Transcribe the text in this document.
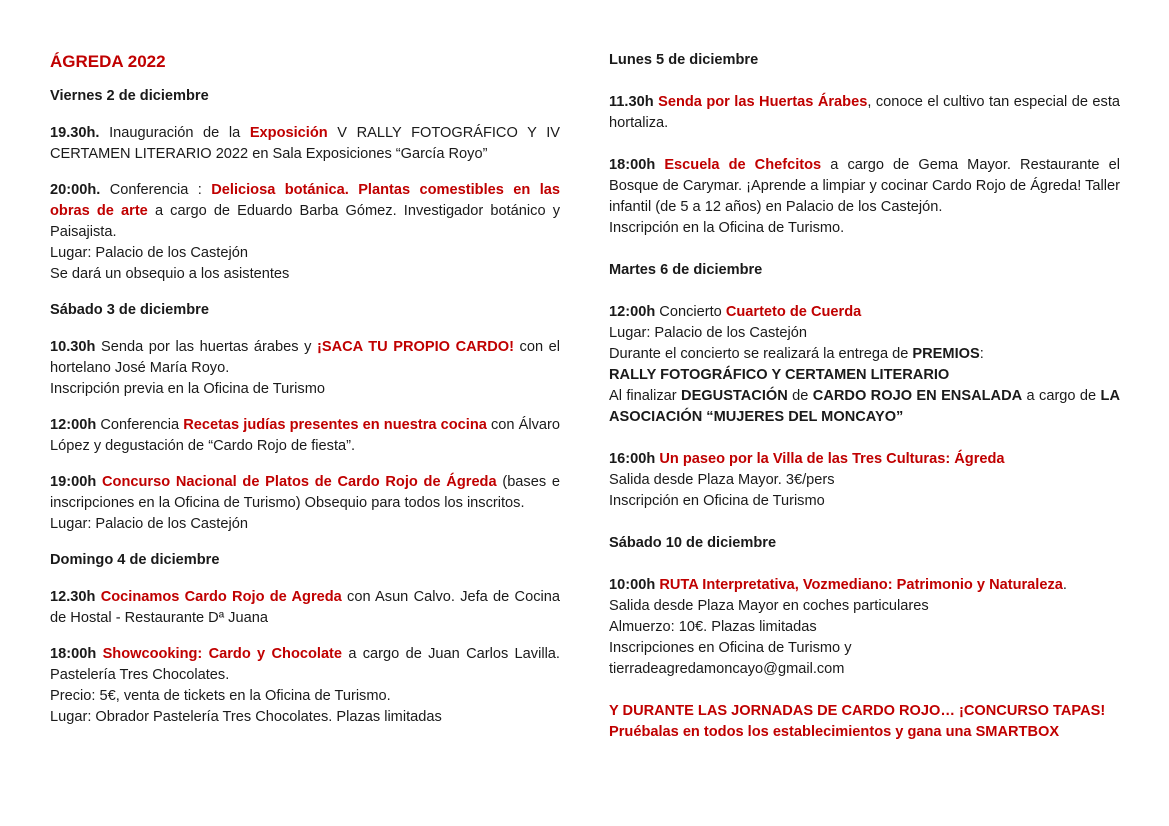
ÁGREDA 2022
Viernes 2 de diciembre

19.30h. Inauguración de la Exposición V RALLY FOTOGRÁFICO Y IV CERTAMEN LITERARIO 2022 en Sala Exposiciones “García Royo”

20:00h. Conferencia : Deliciosa botánica. Plantas comestibles en las obras de arte a cargo de Eduardo Barba Gómez. Investigador botánico y Paisajista.

Lugar: Palacio de los Castejón

Se dará un obsequio a los asistentes

Sábado 3 de diciembre

10.30h Senda por las huertas árabes y ¡SACA TU PROPIO CARDO! con el hortelano José María Royo.

Inscripción previa en la Oficina de Turismo

12:00h Conferencia Recetas judías presentes en nuestra cocina con Álvaro López y degustación de “Cardo Rojo de fiesta”.

19:00h Concurso Nacional de Platos de Cardo Rojo de Ágreda (bases e inscripciones en la Oficina de Turismo) Obsequio para todos los inscritos.

Lugar: Palacio de los Castejón

Domingo 4 de diciembre

12.30h Cocinamos Cardo Rojo de Agreda con Asun Calvo. Jefa de Cocina de Hostal - Restaurante Dª Juana

18:00h Showcooking: Cardo y Chocolate a cargo de Juan Carlos Lavilla. Pastelería Tres Chocolates.

Precio: 5€, venta de tickets en la Oficina de Turismo.

Lugar: Obrador Pastelería Tres Chocolates. Plazas limitadas

Lunes 5 de diciembre

11.30h Senda por las Huertas Árabes, conoce el cultivo tan especial de esta hortaliza.

18:00h Escuela de Chefcitos a cargo de Gema Mayor. Restaurante el Bosque de Carymar. ¡Aprende a limpiar y cocinar Cardo Rojo de Ágreda! Taller infantil (de 5 a 12 años) en Palacio de los Castejón.

Inscripción en la Oficina de Turismo.

Martes 6 de diciembre

12:00h Concierto Cuarteto de Cuerda

Lugar: Palacio de los Castejón

Durante el concierto se realizará la entrega de PREMIOS:

RALLY FOTOGRÁFICO Y CERTAMEN LITERARIO

Al finalizar DEGUSTACIÓN de CARDO ROJO EN ENSALADA a cargo de LA ASOCIACIÓN “MUJERES DEL MONCAYO”

16:00h Un paseo por la Villa de las Tres Culturas: Ágreda

Salida desde Plaza Mayor. 3€/pers

Inscripción en Oficina de Turismo

Sábado 10 de diciembre

10:00h RUTA Interpretativa, Vozmediano: Patrimonio y Naturaleza.

Salida desde Plaza Mayor en coches particulares

Almuerzo: 10€. Plazas limitadas

Inscripciones en Oficina de Turismo y

tierradeagredamoncayo@gmail.com

Y DURANTE LAS JORNADAS DE CARDO ROJO… ¡CONCURSO TAPAS!

Pruébalas en todos los establecimientos y gana una SMARTBOX
